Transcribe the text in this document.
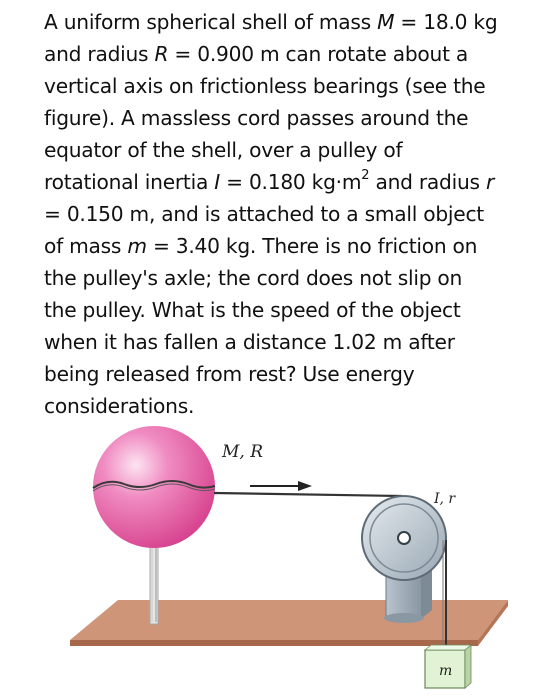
A uniform spherical shell of mass M = 18.0 kg
and radius R = 0.900 m can rotate about a
vertical axis on frictionless bearings (see the
figure). A massless cord passes around the
equator of the shell, over a pulley of
rotational inertia I = 0.180 $kg\cdot m^2$ and radius r
= 0.150 m, and is attached to a small object
of mass m = 3.40 kg. There is no friction on
the pulley's axle; the cord does not slip on
the pulley. What is the speed of the object
when it has fallen a distance 1.02 m after
being released from rest? Use energy
considerations.
M, R
I, r
m
